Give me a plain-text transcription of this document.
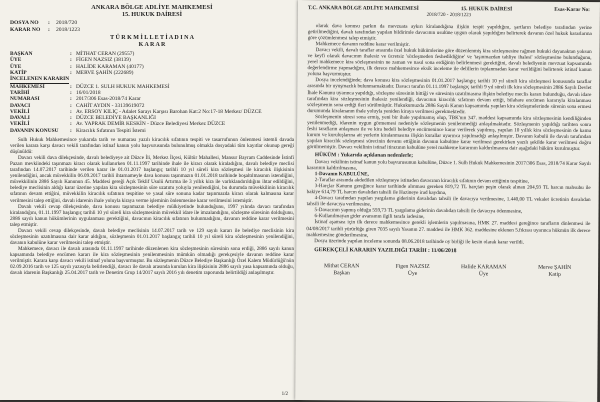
ANKARA BÖLGE ADLİYE MAHKEMESİ
15. HUKUK DAİRESİ
DOSYA NO	:	2018/720
KARAR NO	:	2018/1223
T Ü R K M İ L L E T İ A D I N A
K A R A R
BAŞKAN	: MİTHAT CERAN (29557)
ÜYE	: FİGEN NAZSIZ (38139)
ÜYE	: HALİDE KARAMAN (40177)
KATİP	: MERVE ŞAHİN (222689)
İNCELENEN KARARIN
MAHKEMESİ	: DÜZCE 1. SULH HUKUK MAHKEMESİ
TARİHİ	: 16/01/2018
NUMARASI	: 2017/306 Esas-2018/74 Karar
DAVACI	: CAHİT AYDIN - 33139619072
VEKİLİ	: Av. ERSOY KILIÇ - Adalet Sarayı Karşısı Barohan Kat:2 No:17-18 Merkez/ DÜZCE
DAVALI	: DÜZCE BELEDİYE BAŞKANLIĞI
VEKİLİ	: Av. YAPRAK DEMİR KESKİN - Düzce Belediyesi Merkez DÜZCE
DAVANIN KONUSU	: Kiracılık Sıfatının Tespiti İstemi

Sulh Hukuk Mahkemesince yukarıda tarih ve numarası yazılı kiracılık sıfatının tespiti ve tasarrufunun önlenmesi istemli davada verilen karara karşı davacı vekili tarafından istinaf kanun yolu başvurusunda bulunulmuş olmakla dosyadaki tüm kayıtlar okunup gereği düşünüldü:

Davacı vekili dava dilekçesinde, davalı belediyeye ait Düzce İli, Merkez İlçesi, Kültür Mahallesi, Mansur Bayram Caddesinde İstinfi Pazarı mevkiindeki taşınmazı kiracı olarak kullanırken 01.11.1997 tarihinde ihale ile kiracı olarak kiraladığını, davalı belediye meclisi tarafından 14.07.2017 tarihinde verilen karar ile 01.01.2017 başlangıç tarihli 10 yıl süreli kira sözleşmesi ile kiracılık ilişkisinin yenilendiğini, ancak müvekkilin 06.09.2017 tarihli ihtarnameyle dava konusu taşınmazın 01.01.2018 tarihinde boşaltılmasının istendiğini, müvekkilinin 2886 Sayılı Kanunun 45. Maddesi gereği Açık Teklif Usulü Artırma ile 3 yıllık kira ile varlıklandırıldığını ihtar edildiğini, belediye meclisinin aldığı karar üzerine yapılan kira sözleşmesinin süre uzatımı yoluyla yenilendiğini, bu durumda müvekkilinin kiracılık sıfatının devam ettiğini, müvekkilin kiracılık sıfatının tespitine ve yasal süre sonuna kadar taşınmazda kiracı olarak kalmasına karar verilmesini talep ettiğini, davalı idarenin ihale yoluyla kiraya verme işleminin önlenmesine karar verilmesini istemiştir.

Davalı vekili cevap dilekçesinde, dava konusu taşınmazın belediye mülkiyetinde bulunduğunu, 1997 yılında davacı tarafından kiralandığını, 01.11.1997 başlangıç tarihli 10 yıl süreli kira sözleşmesinin müvekkil idare ile imzalandığını, sözleşme süresinin dolduğunu, 2886 sayılı kanun hükümlerinin uygulanması gerektiğini, davacının kiracılık sıfatının bulunmadığını, davanın reddine karar verilmesini talep etmiştir.

Davacı vekili cevap dilekçesinde, davalı belediye meclisinin 14.07.2017 tarih ve 129 sayılı kararı ile belediye meclisinin kira sözleşmesinin uzatılmasına dair karar aldığını, sözleşmenin 01.01.2017 başlangıç tarihli 10 yıl süreli kira sözleşmesinin yenilendiğini, davanın kabulüne karar verilmesini talep etmiştir.

Mahkemece, davacı ile davalı arasında 01.11.1997 tarihinde düzenlenen kira sözleşmesinin süresinin sona erdiği, 2886 sayılı kanun kapsamında belediye encümen kararı ile kira sözleşmesinin yenilenmesinin mümkün olmadığı gerekçesiyle davanın reddine karar verilmiştir. Karara karşı davacı vekili istinaf yoluna başvurmuştur. Bu sözleşmenin Düzce Belediye Başkanlığı Özel Kalem Müdürlüğü'nün 02.09.2016 tarih ve 125 sayılı yazısıyla belirlendiği, davacı ile davalı arasında kurulan kira ilişkisinin 2886 sayılı yasa kapsamında olduğu, davalı idarenin Başkanlığı 25.04.2017 tarih ve Denetim Grup 14/2017 sayılı 2016 yılı denetim raporunda belirtildiği anlaşılmıştır.

1/2
T.C. ANKARA BÖLGE ADLİYE MAHKEMESİ	15. HUKUK DAİRESİ	Esas-Karar No:
2018/720 - 2018/1223

olarak dava konusu parkın da mevzuata aykırı kiralandığına ilişkin tespit yapıldığını, şartların belediye tarafından yerine getirilmediğini, davalı tarafından yapılan bildirimle davacının usulüne uygun olarak yapıldığını belirterek davanın özel hukuk kararlarına göre çözümlenmesi talep etmiştir.

Mahkemece davanın reddine karar verilmiştir.

Davacı vekili, davalı taraflar arasında özel hukuk hükümlerine göre düzenlenmiş kira sözleşmesine rağmen hukuki dayanaktan yoksun ve keyfi olarak davacının ihalesiz ve ücretsiz 'sözleşmeden feshedildiğine' ve 'taşınmazdan tahliye ihalesi' sözleşmesine bulunduğunu, yerel mahkemece kira sözleşmesinin ne zaman ve nasıl sona erdiğinin belirlenmesi gerektiğini, davalı belediyenin mevzuat kapsamında değerlendirme yapmadığını, ilk derece mahkemesince eksik inceleme ile delillerin toplanmadan karar verildiğini belirterek istinaf kanun yoluna başvurmuştur.

Dosya incelendiğinde; dava konusu kira sözleşmesinin 01.01.2017 başlangıç tarihli 10 yıl süreli kira sözleşmesi konusunda taraflar arasında bir uyuşmazlık bulunmamaktadır. Davacı tarafın 01.11.1997 başlangıç tarihli 9 yıl süreli ilk kira sözleşmesinin 2886 Sayılı Devlet İhale Kanunu uyarınca yapıldığı, sözleşme süresinin bittiği ve süresinin uzatılmasına ilişkin belediye meclis kararı bulunduğu, davalı idare tarafından kira sözleşmesinin ihalesiz yenilendiği, davacının kiracılık sıfatının devam ettiği, bilahare encümen kararıyla kiralanması sözleşmenin sona erdiği ileri sürülmüştür. Hukukumuzda 2886 Sayılı Kanun kapsamında yapılan kira sözleşmelerinde sürenin sona ermesi durumunda kiralananın ihale yoluyla yeniden kiraya verilmesi gerekmektedir.

Sözleşmenin süresi sona ermiş, yeni bir ihale yapılmamış olup, TBK'nın 347. maddesi kapsamında kira sözleşmesinin kendiliğinden yenilenmediği, idarenin uygun görmemesi nedeniyle sözleşmenin yenilenmediği anlaşılmaktadır. Sözleşmenin yapıldığı tarihten sonra feshi tarafların anlaşması ile ve kira bedeli belediye encümenince karar verilerek yapılmış, yapılan 10 yıllık kira sözleşmesinin de kamu kurum ve kuruluşlarına ait yerlerin kiralanmasına ilişkin kurallar uyarınca yapılmadığı anlaşılmıştır. Davanın kabulü ile davalı tarafından yapılan kiracılık sözleşmesi sürecinin devamı ettiğinin davanın kabulüne karar verilmesi gerekirken yazılı şekilde karar verilmesi doğru görülmemiştir. Davacı vekilinin istinaf itirazının kabulüne yerel mahkeme kararının kaldırılmasına dair aşağıdaki hüküm kurulmuştur.

HÜKÜM : Yukarıda açıklanan nedenlerle;

Davacı vekilinin istinaf kanun yolu başvurusunun kabulüne, Düzce 1. Sulh Hukuk Mahkemesinin 2017/306 Esas, 2018/74 Karar Sayılı kararının kaldırılmasına,

1-Davanın KABULÜNE,

2-Taraflar arasında akdedilen sözleşmeye istinaden davacının kiracılık sıfatının devam ettiğinin tespitine,

3-Harçlar Kanunu gereğince karar tarihinde alınması gereken 819,72 TL harçtan peşin olarak alınan 204,93 TL harcın mahsubu ile bakiye 614,79 TL harcın davalıdan tahsili ile Hazineye irad kaydına,

4-Davacı tarafından yapılan yargılama giderinin davalıdan tahsili ile davacıya verilmesine, 1.440,00 TL vekalet ücretinin davalıdan tahsili ile davacıya verilmesine,

5-Davacının yapmış olduğu 559,73 TL yargılama giderinin davalıdan tahsili ile davacıya ödenmesine,

6-Kullanılmayan gider avansının ilgili tarafa iadesine,

İstinaf aşaması için ilk derece mahkemesince gerekli işlemlerin yapılmasına, HMK 27. maddesi gereğince tarafların dinlenmesi ile 04/08/2017 tarihli yürürlüğe giren 7035 sayılı Yasanın 27. maddesi ile HMK 362. maddesine eklenen 5.fıkrası uyarınca hükmün ilk derece mahkemesine gönderilmesine,

Dosya üzerinde yapılan inceleme sonunda 08.06.2018 tarihinde oy birliği ile kesin olarak karar verildi.

GEREKÇELİ KARARIN YAZILDIĞI TARİH : 11/06/2018
Mithat CERAN
Başkan
Figen NAZSIZ
Üye
Halide KARAMAN
Üye
Merve ŞAHİN
Katip
